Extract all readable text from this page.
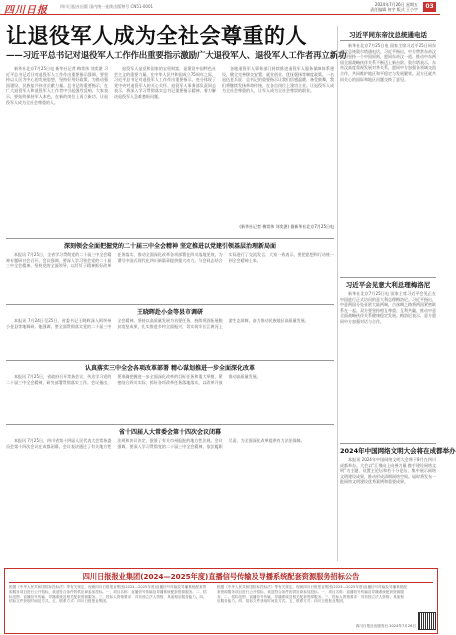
四川日报	四川日报社出版 国内统一连续出版物号 CN51-0001	2024年7月26日 星期五
责任编辑 何宇 版式 王小宇	03
让退役军人成为全社会尊重的人
——习近平总书记对退役军人工作作出重要指示激励广大退役军人、退役军人工作者再立新功

新华社北京7月25日电 新华社记者 梅常伟 刘奕湛 习近平总书记近日对退役军人工作作出重要指示强调，要坚持以人民为中心的发展思想，坚持好用好政策，为推动强国建设、民族复兴伟业贡献力量。总书记的重要指示，在广大退役军人和退役军人工作者中引起强烈反响。大家表示，要始终保持军人本色，在新的岗位上再立新功，让退役军人成为全社会尊重的人。

退役军人是党和国家的宝贵财富，是建设中国特色社会主义的重要力量。在中华人民共和国成立75周年之际，习近平总书记对退役军人工作作出重要指示，充分体现了党中央对退役军人的关心关怀。退役军人事务部负责同志表示，将深入学习贯彻落实总书记重要指示精神，着力解决退役军人急难愁盼问题。

各地退役军人事务部门持续推进退役军人服务保障体系建设，健全完善移交安置、就业创业、优抚褒扬等制度政策。一名退伍老兵说：总书记的重要指示让我们倍感温暖、备受鼓舞，我们将继续发扬革命传统，在各自岗位上建功立业。让退役军人成为全社会尊重的人，让军人成为全社会尊崇的职业。

(新华社记者 梅常伟 刘奕湛) 据新华社北京7月25日电
习近平同东帝汶总统通电话

新华社北京7月25日电 国家主席习近平25日同东帝汶总统奥尔塔通电话。习近平指出，中方赞赏东帝汶政府坚持一个中国原则，愿同东帝汶一道，推动中东两国全面战略伙伴关系不断迈上新台阶。奥尔塔表示，东帝汶高度重视发展对华关系，愿同中方加强各领域交流合作，共同维护地区和平稳定与发展繁荣。双方还就共同关心的国际和地区问题交换了意见。

习近平会见意大利总理梅洛尼

新华社北京7月25日电 国家主席习近平会见正在中国进行正式访问的意大利总理梅洛尼。习近平指出，中意两国分处亚欧大陆两端，古丝绸之路将两国紧密联系在一起。双方要坚持相互尊重、互利共赢，推动中意全面战略伙伴关系健康稳定发展。梅洛尼表示，意方愿同中方加强对话与合作。

2024年中国网络文明大会将在成都举办

本报讯 2024年中国网络文明大会将于8月在四川成都举办。大会以“汇聚向上向善力量 携手建设网络文明”为主题，设置主论坛和若干分论坛，集中展示网络文明建设成果，推动形成清朗网络空间。届时将发布一批网络文明建设优秀案例和重要成果。

深刻领会全面把握党的二十届三中全会精神 坚定推进以党建引领基层治理新局面

本报讯 7月25日，全省学习贯彻党的二十届三中全会精神专题研讨会召开。会议强调，要深入学习领会党的二十届三中全会精神，坚持党的全面领导，以钉钉子精神抓好改革任务落实，推动全面深化改革各项部署在四川落地见效，为谱写中国式现代化四川新篇章提供强大动力。与会同志结合实际进行了交流发言，大家一致表示，要把思想和行动统一到全会精神上来。

王晓晖赴小金等县市调研

本报讯 7月24日至25日，省委书记王晓晖深入阿坝州小金县等地调研。他强调，要全面贯彻落实党的二十届三中全会精神，坚持以高质量发展为首要任务，持续巩固拓展脱贫攻坚成果，扎实推进乡村全面振兴，切实筑牢长江黄河上游生态屏障，奋力推动民族地区高质量发展。

认真落实三中全会各项改革部署 精心谋划推进一步全面深化改革

本报讯 7月25日，省政府召开常务会议，传达学习党的二十届三中全会精神，研究部署贯彻落实工作。会议指出，要准确把握进一步全面深化改革的目标任务和重大举措，紧密结合四川实际，抓好各项改革任务落地落实，以改革开放推动高质量发展。

省十四届人大常委会第十四次会议闭幕

本报讯 7月25日，四川省第十四届人民代表大会常务委员会第十四次会议在成都闭幕。会议表决通过了有关地方性法规和决议决定，批准了有关市州报批的地方性法规。会议强调，要深入学习贯彻党的二十届三中全会精神，依法履职尽责，为全面深化改革提供有力法治保障。

四川日报报业集团(2024—2025年度)直播信号传输及导播系统配套资源服务招标公告
根据《中华人民共和国招标投标法》等有关规定，现就四川日报报业集团(2024—2025年度)直播信号传输及导播系统配套资源服务项目进行公开招标，欢迎符合条件的供应商参加投标。一、项目名称：直播信号传输及导播系统配套资源服务。二、招标范围：直播信号传输、导播系统及相关配套资源服务。三、投标人资格要求：具有独立法人资格，具备相应服务能力。四、招标文件获取时间及方式。五、联系方式：四川日报报业集团。
根据《中华人民共和国招标投标法》等有关规定，现就四川日报报业集团(2024—2025年度)直播信号传输及导播系统配套资源服务项目进行公开招标，欢迎符合条件的供应商参加投标。一、项目名称：直播信号传输及导播系统配套资源服务。二、招标范围：直播信号传输、导播系统及相关配套资源服务。三、投标人资格要求：具有独立法人资格，具备相应服务能力。四、招标文件获取时间及方式。五、联系方式：四川日报报业集团。
四川日报社出版发行 2024年7月26日
